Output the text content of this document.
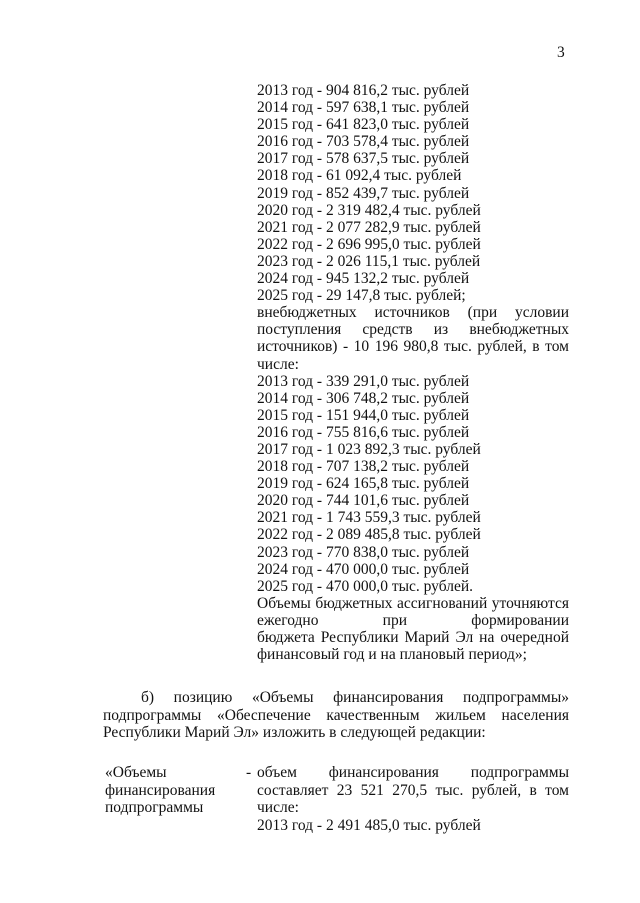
3
2013 год - 904 816,2 тыс. рублей
2014 год - 597 638,1 тыс. рублей
2015 год - 641 823,0 тыс. рублей
2016 год - 703 578,4 тыс. рублей
2017 год - 578 637,5 тыс. рублей
2018 год - 61 092,4 тыс. рублей
2019 год - 852 439,7 тыс. рублей
2020 год - 2 319 482,4 тыс. рублей
2021 год - 2 077 282,9 тыс. рублей
2022 год - 2 696 995,0 тыс. рублей
2023 год - 2 026 115,1 тыс. рублей
2024 год - 945 132,2 тыс. рублей
2025 год - 29 147,8 тыс. рублей;
внебюджетных источников (при условии
поступления средств из внебюджетных
источников) - 10 196 980,8 тыс. рублей, в том
числе:
2013 год - 339 291,0 тыс. рублей
2014 год - 306 748,2 тыс. рублей
2015 год - 151 944,0 тыс. рублей
2016 год - 755 816,6 тыс. рублей
2017 год - 1 023 892,3 тыс. рублей
2018 год - 707 138,2 тыс. рублей
2019 год - 624 165,8 тыс. рублей
2020 год - 744 101,6 тыс. рублей
2021 год - 1 743 559,3 тыс. рублей
2022 год - 2 089 485,8 тыс. рублей
2023 год - 770 838,0 тыс. рублей
2024 год - 470 000,0 тыс. рублей
2025 год - 470 000,0 тыс. рублей.
Объемы бюджетных ассигнований уточняются
ежегодно при формировании
бюджета Республики Марий Эл на очередной
финансовый год и на плановый период»;
б) позицию «Объемы финансирования подпрограммы»
подпрограммы «Обеспечение качественным жильем населения
Республики Марий Эл» изложить в следующей редакции:
«Объемы
финансирования
подпрограммы
- объем финансирования подпрограммы
составляет 23 521 270,5 тыс. рублей, в том
числе:
2013 год - 2 491 485,0 тыс. рублей
